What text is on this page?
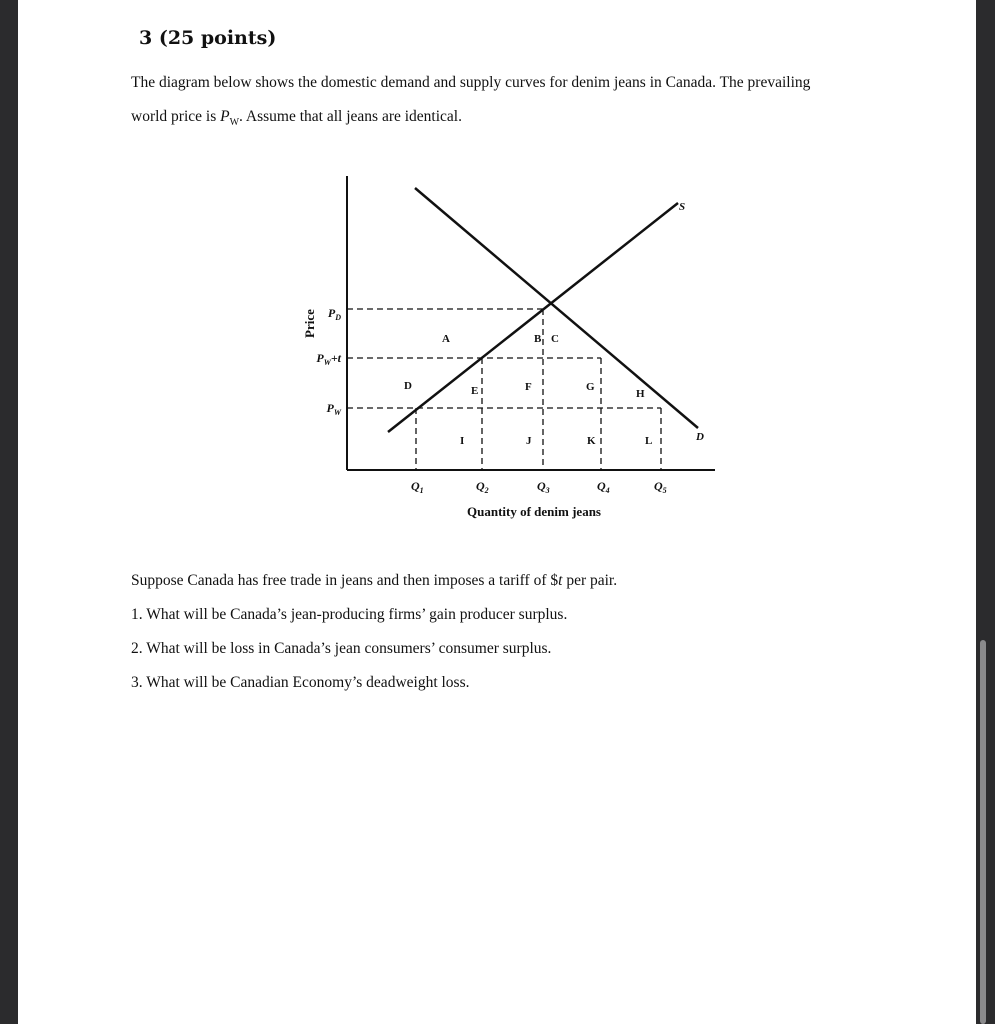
3 (25 points)
The diagram below shows the domestic demand and supply curves for denim jeans in Canada. The prevailing
world price is $P_W$. Assume that all jeans are identical.
S
D
Price $P_D$
$P_W+t$
$P_W$
A	B C
D	E	F	G
H
I	J	K	L
$Q_1$	$Q_2$	$Q_3$	$Q_4$	$Q_5$
Quantity of denim jeans
Suppose Canada has free trade in jeans and then imposes a tariff of $t per pair.
1. What will be Canada’s jean-producing firms’ gain producer surplus.
2. What will be loss in Canada’s jean consumers’ consumer surplus.
3. What will be Canadian Economy’s deadweight loss.
